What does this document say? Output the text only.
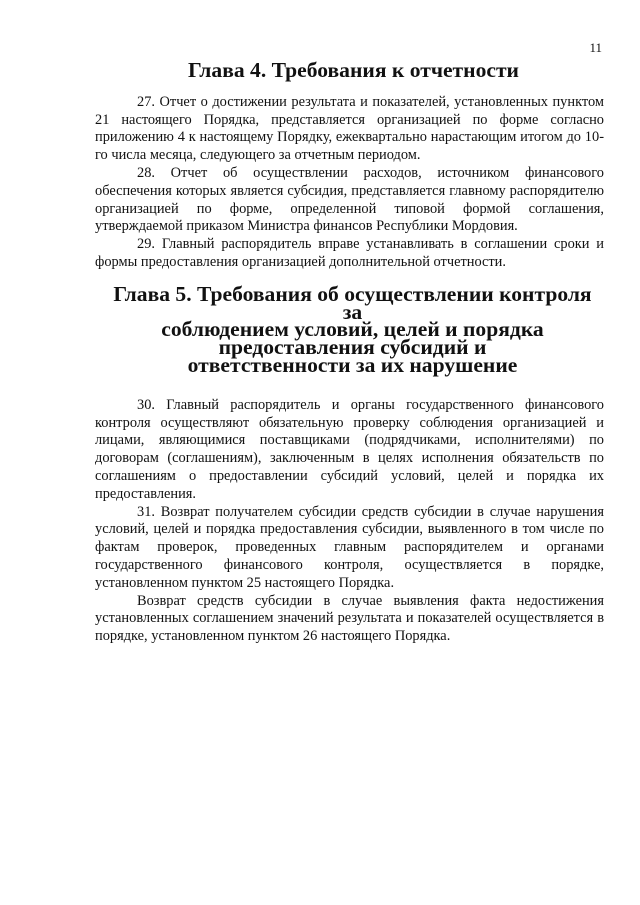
11
Глава 4. Требования к отчетности

27. Отчет о достижении результата и показателей, установленных пунктом 21 настоящего Порядка, представляется организацией по форме согласно приложению 4 к настоящему Порядку, ежеквартально нарастающим итогом до 10-го числа месяца, следующего за отчетным периодом.

28. Отчет об осуществлении расходов, источником финансового обеспечения которых является субсидия, представляется главному распорядителю организацией по форме, определенной типовой формой соглашения, утверждаемой приказом Министра финансов Республики Мордовия.

29. Главный распорядитель вправе устанавливать в соглашении сроки и формы предоставления организацией дополнительной отчетности.

Глава 5. Требования об осуществлении контроля за
соблюдением условий, целей и порядка предоставления субсидий и
ответственности за их нарушение

30. Главный распорядитель и органы государственного финансового контроля осуществляют обязательную проверку соблюдения организацией и лицами, являющимися поставщиками (подрядчиками, исполнителями) по договорам (соглашениям), заключенным в целях исполнения обязательств по соглашениям о предоставлении субсидий условий, целей и порядка их предоставления.

31. Возврат получателем субсидии средств субсидии в случае нарушения условий, целей и порядка предоставления субсидии, выявленного в том числе по фактам проверок, проведенных главным распорядителем и органами государственного финансового контроля, осуществляется в порядке, установленном пунктом 25 настоящего Порядка.

Возврат средств субсидии в случае выявления факта недостижения установленных соглашением значений результата и показателей осуществляется в порядке, установленном пунктом 26 настоящего Порядка.
